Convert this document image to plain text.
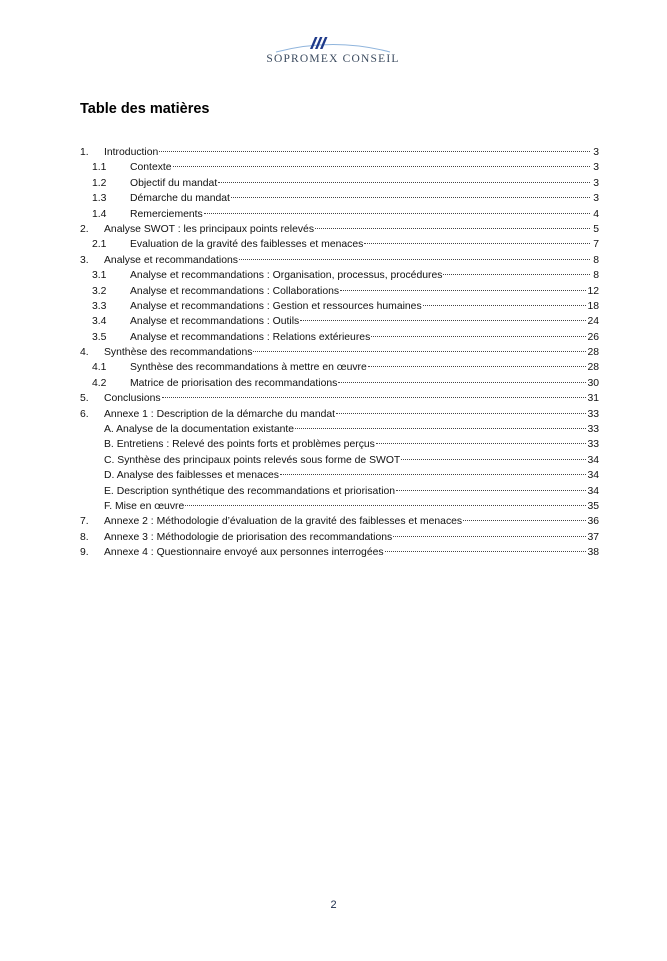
SOPROMEX CONSEIL
Table des matières
1.	Introduction	3
1.1	Contexte	3
1.2	Objectif du mandat	3
1.3	Démarche du mandat	3
1.4	Remerciements	4
2.	Analyse SWOT : les principaux points relevés	5
2.1	Evaluation de la gravité des faiblesses et menaces	7
3.	Analyse et recommandations	8
3.1	Analyse et recommandations : Organisation, processus, procédures	8
3.2	Analyse et recommandations : Collaborations	12
3.3	Analyse et recommandations : Gestion et ressources humaines	18
3.4	Analyse et recommandations : Outils	24
3.5	Analyse et recommandations : Relations extérieures	26
4.	Synthèse des recommandations	28
4.1	Synthèse des recommandations à mettre en œuvre	28
4.2	Matrice de priorisation des recommandations	30
5.	Conclusions	31
6.	Annexe 1 : Description de la démarche du mandat	33
A. Analyse de la documentation existante	33
B. Entretiens : Relevé des points forts et problèmes perçus	33
C. Synthèse des principaux points relevés sous forme de SWOT	34
D. Analyse des faiblesses et menaces	34
E. Description synthétique des recommandations et priorisation	34
F. Mise en œuvre	35
7.	Annexe 2 : Méthodologie d’évaluation de la gravité des faiblesses et menaces	36
8.	Annexe 3 : Méthodologie de priorisation des recommandations	37
9.	Annexe 4 : Questionnaire envoyé aux personnes interrogées	38
2
